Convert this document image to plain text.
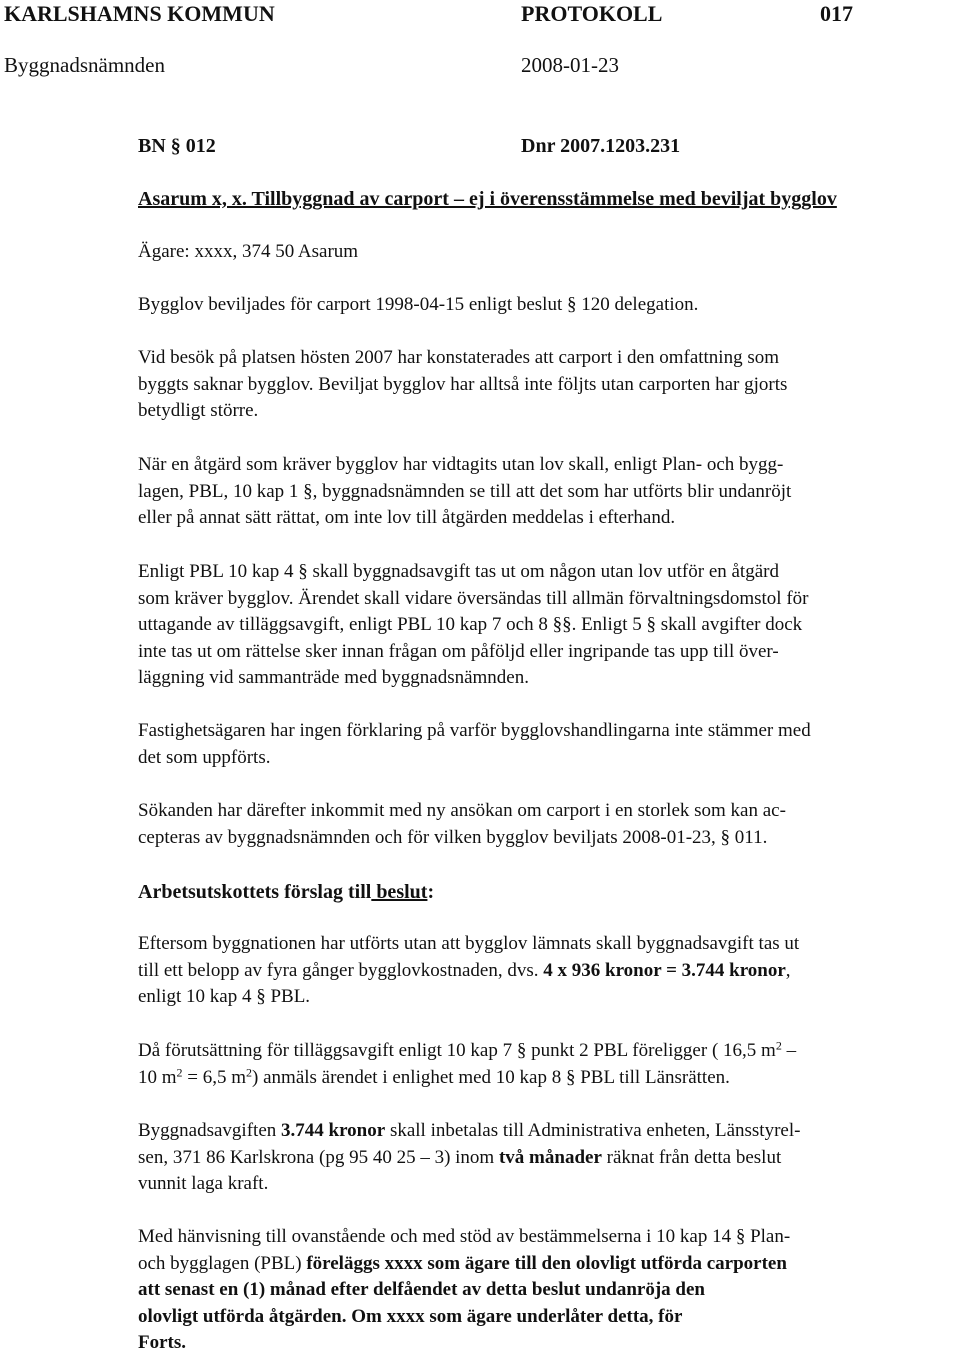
KARLSHAMNS KOMMUN	PROTOKOLL	017
Byggnadsnämnden	2008-01-23
BN § 012	Dnr 2007.1203.231
Asarum x, x. Tillbyggnad av carport – ej i överensstämmelse med beviljat bygglov
Ägare: xxxx, 374 50 Asarum
Bygglov beviljades för carport 1998-04-15 enligt beslut § 120 delegation.
Vid besök på platsen hösten 2007 har konstaterades att carport i den omfattning som
byggts saknar bygglov. Beviljat bygglov har alltså inte följts utan carporten har gjorts
betydligt större.
När en åtgärd som kräver bygglov har vidtagits utan lov skall, enligt Plan- och bygg-
lagen, PBL, 10 kap 1 §, byggnadsnämnden se till att det som har utförts blir undanröjt
eller på annat sätt rättat, om inte lov till åtgärden meddelas i efterhand.
Enligt PBL 10 kap 4 § skall byggnadsavgift tas ut om någon utan lov utför en åtgärd
som kräver bygglov. Ärendet skall vidare översändas till allmän förvaltningsdomstol för
uttagande av tilläggsavgift, enligt PBL 10 kap 7 och 8 §§. Enligt 5 § skall avgifter dock
inte tas ut om rättelse sker innan frågan om påföljd eller ingripande tas upp till över-
läggning vid sammanträde med byggnadsnämnden.
Fastighetsägaren har ingen förklaring på varför bygglovshandlingarna inte stämmer med
det som uppförts.
Sökanden har därefter inkommit med ny ansökan om carport i en storlek som kan ac-
cepteras av byggnadsnämnden och för vilken bygglov beviljats 2008-01-23, § 011.
Arbetsutskottets förslag till beslut:
Eftersom byggnationen har utförts utan att bygglov lämnats skall byggnadsavgift tas ut
till ett belopp av fyra gånger bygglovkostnaden, dvs. 4 x 936 kronor = 3.744 kronor,
enligt 10 kap 4 § PBL.
Då förutsättning för tilläggsavgift enligt 10 kap 7 § punkt 2 PBL föreligger ( 16,5 $m^2$ –
10 $m^2 = 6,5$ $m^2$) anmäls ärendet i enlighet med 10 kap 8 § PBL till Länsrätten.
Byggnadsavgiften 3.744 kronor skall inbetalas till Administrativa enheten, Länsstyrel-
sen, 371 86 Karlskrona (pg 95 40 25 – 3) inom två månader räknat från detta beslut
vunnit laga kraft.
Med hänvisning till ovanstående och med stöd av bestämmelserna i 10 kap 14 § Plan-
och bygglagen (PBL) föreläggs xxxx som ägare till den olovligt utförda carporten
att senast en (1) månad efter delfåendet av detta beslut undanröja den
olovligt utförda åtgärden. Om xxxx som ägare underlåter detta, för
Forts.
